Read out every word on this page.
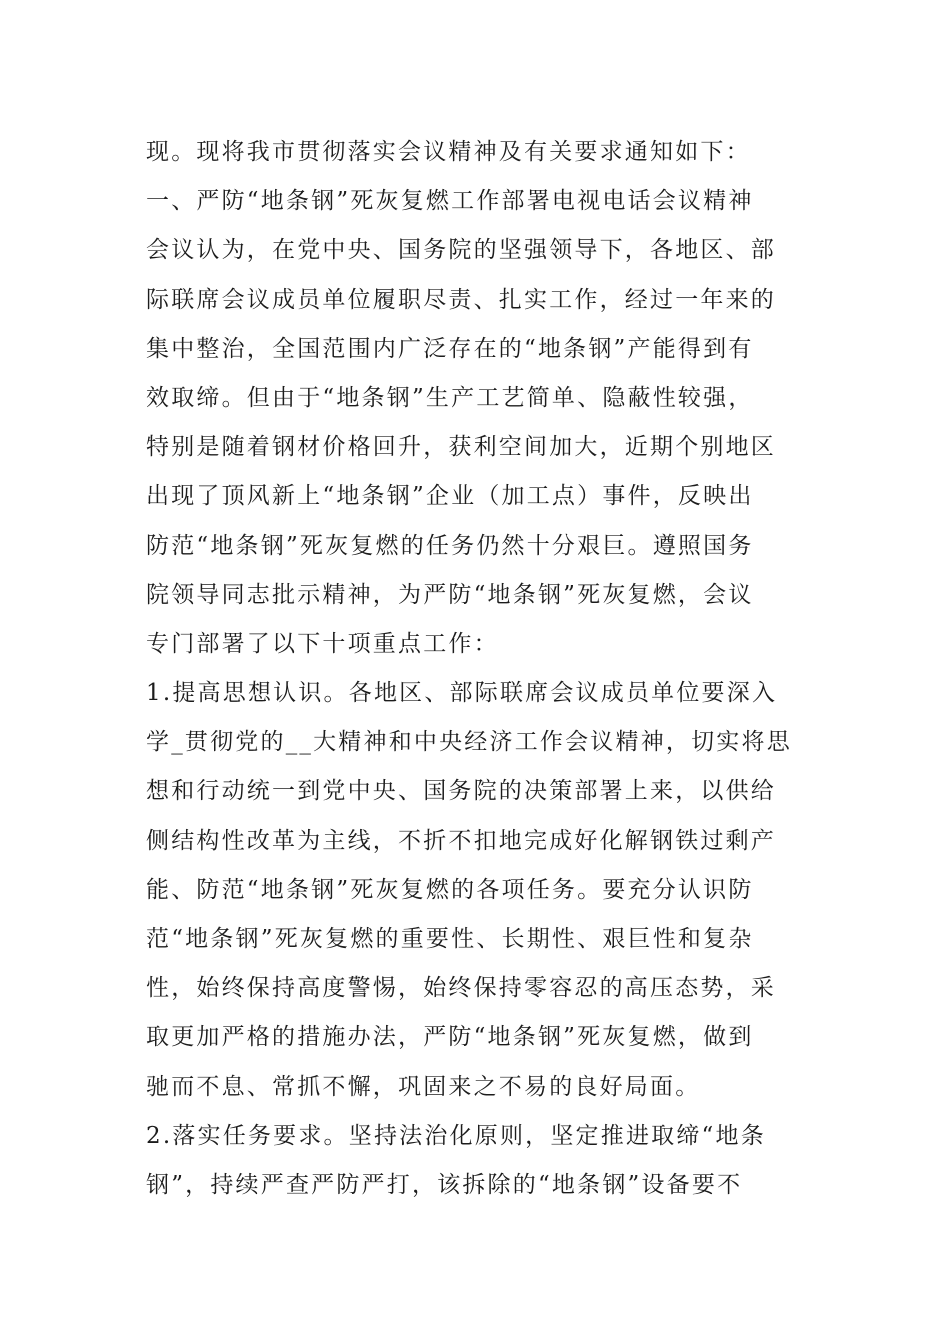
现。现将我市贯彻落实会议精神及有关要求通知如下：
一、严防“地条钢”死灰复燃工作部署电视电话会议精神
会议认为，在党中央、国务院的坚强领导下，各地区、部
际联席会议成员单位履职尽责、扎实工作，经过一年来的
集中整治，全国范围内广泛存在的“地条钢”产能得到有
效取缔。但由于“地条钢”生产工艺简单、隐蔽性较强，
特别是随着钢材价格回升，获利空间加大，近期个别地区
出现了顶风新上“地条钢”企业（加工点）事件，反映出
防范“地条钢”死灰复燃的任务仍然十分艰巨。遵照国务
院领导同志批示精神，为严防“地条钢”死灰复燃，会议
专门部署了以下十项重点工作：
1.提高思想认识。各地区、部际联席会议成员单位要深入
学_贯彻党的__大精神和中央经济工作会议精神，切实将思
想和行动统一到党中央、国务院的决策部署上来，以供给
侧结构性改革为主线，不折不扣地完成好化解钢铁过剩产
能、防范“地条钢”死灰复燃的各项任务。要充分认识防
范“地条钢”死灰复燃的重要性、长期性、艰巨性和复杂
性，始终保持高度警惕，始终保持零容忍的高压态势，采
取更加严格的措施办法，严防“地条钢”死灰复燃，做到
驰而不息、常抓不懈，巩固来之不易的良好局面。
2.落实任务要求。坚持法治化原则，坚定推进取缔“地条
钢”，持续严查严防严打，该拆除的“地条钢”设备要不
